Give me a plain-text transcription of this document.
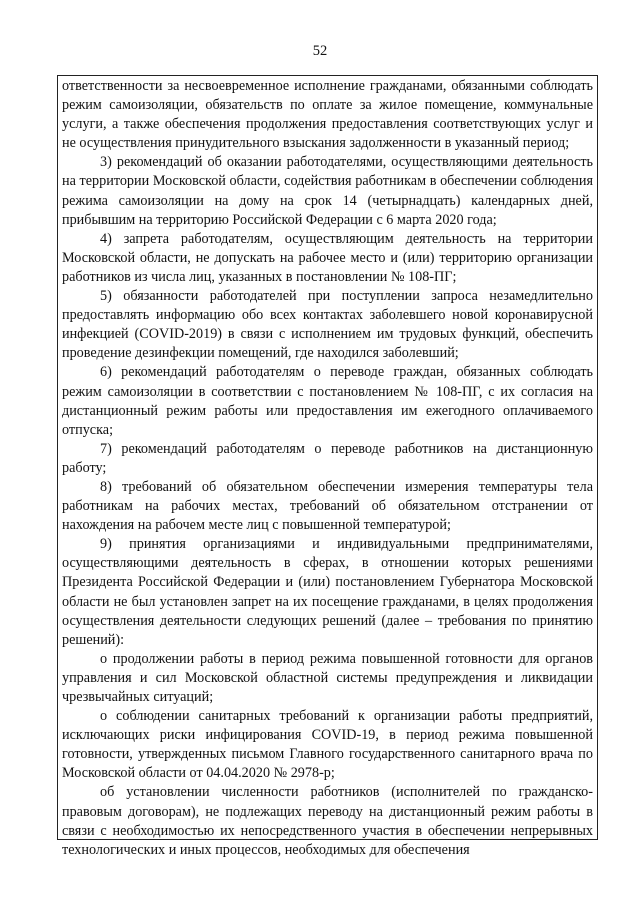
52

ответственности за несвоевременное исполнение гражданами, обязанными соблюдать режим самоизоляции, обязательств по оплате за жилое помещение, коммунальные услуги, а также обеспечения продолжения предоставления соответствующих услуг и не осуществления принудительного взыскания задолженности в указанный период;

3) рекомендаций об оказании работодателями, осуществляющими деятельность на территории Московской области, содействия работникам в обеспечении соблюдения режима самоизоляции на дому на срок 14 (четырнадцать) календарных дней, прибывшим на территорию Российской Федерации с 6 марта 2020 года;

4) запрета работодателям, осуществляющим деятельность на территории Московской области, не допускать на рабочее место и (или) территорию организации работников из числа лиц, указанных в постановлении № 108-ПГ;

5) обязанности работодателей при поступлении запроса незамедлительно предоставлять информацию обо всех контактах заболевшего новой коронавирусной инфекцией (COVID-2019) в связи с исполнением им трудовых функций, обеспечить проведение дезинфекции помещений, где находился заболевший;

6) рекомендаций работодателям о переводе граждан, обязанных соблюдать режим самоизоляции в соответствии с постановлением № 108-ПГ, с их согласия на дистанционный режим работы или предоставления им ежегодного оплачиваемого отпуска;

7) рекомендаций работодателям о переводе работников на дистанционную работу;

8) требований об обязательном обеспечении измерения температуры тела работникам на рабочих местах, требований об обязательном отстранении от нахождения на рабочем месте лиц с повышенной температурой;

9) принятия организациями и индивидуальными предпринимателями, осуществляющими деятельность в сферах, в отношении которых решениями Президента Российской Федерации и (или) постановлением Губернатора Московской области не был установлен запрет на их посещение гражданами, в целях продолжения осуществления деятельности следующих решений (далее – требования по принятию решений):

о продолжении работы в период режима повышенной готовности для органов управления и сил Московской областной системы предупреждения и ликвидации чрезвычайных ситуаций;

о соблюдении санитарных требований к организации работы предприятий, исключающих риски инфицирования COVID-19, в период режима повышенной готовности, утвержденных письмом Главного государственного санитарного врача по Московской области от 04.04.2020 № 2978-р;

об установлении численности работников (исполнителей по гражданско-правовым договорам), не подлежащих переводу на дистанционный режим работы в связи с необходимостью их непосредственного участия в обеспечении непрерывных технологических и иных процессов, необходимых для обеспечения
